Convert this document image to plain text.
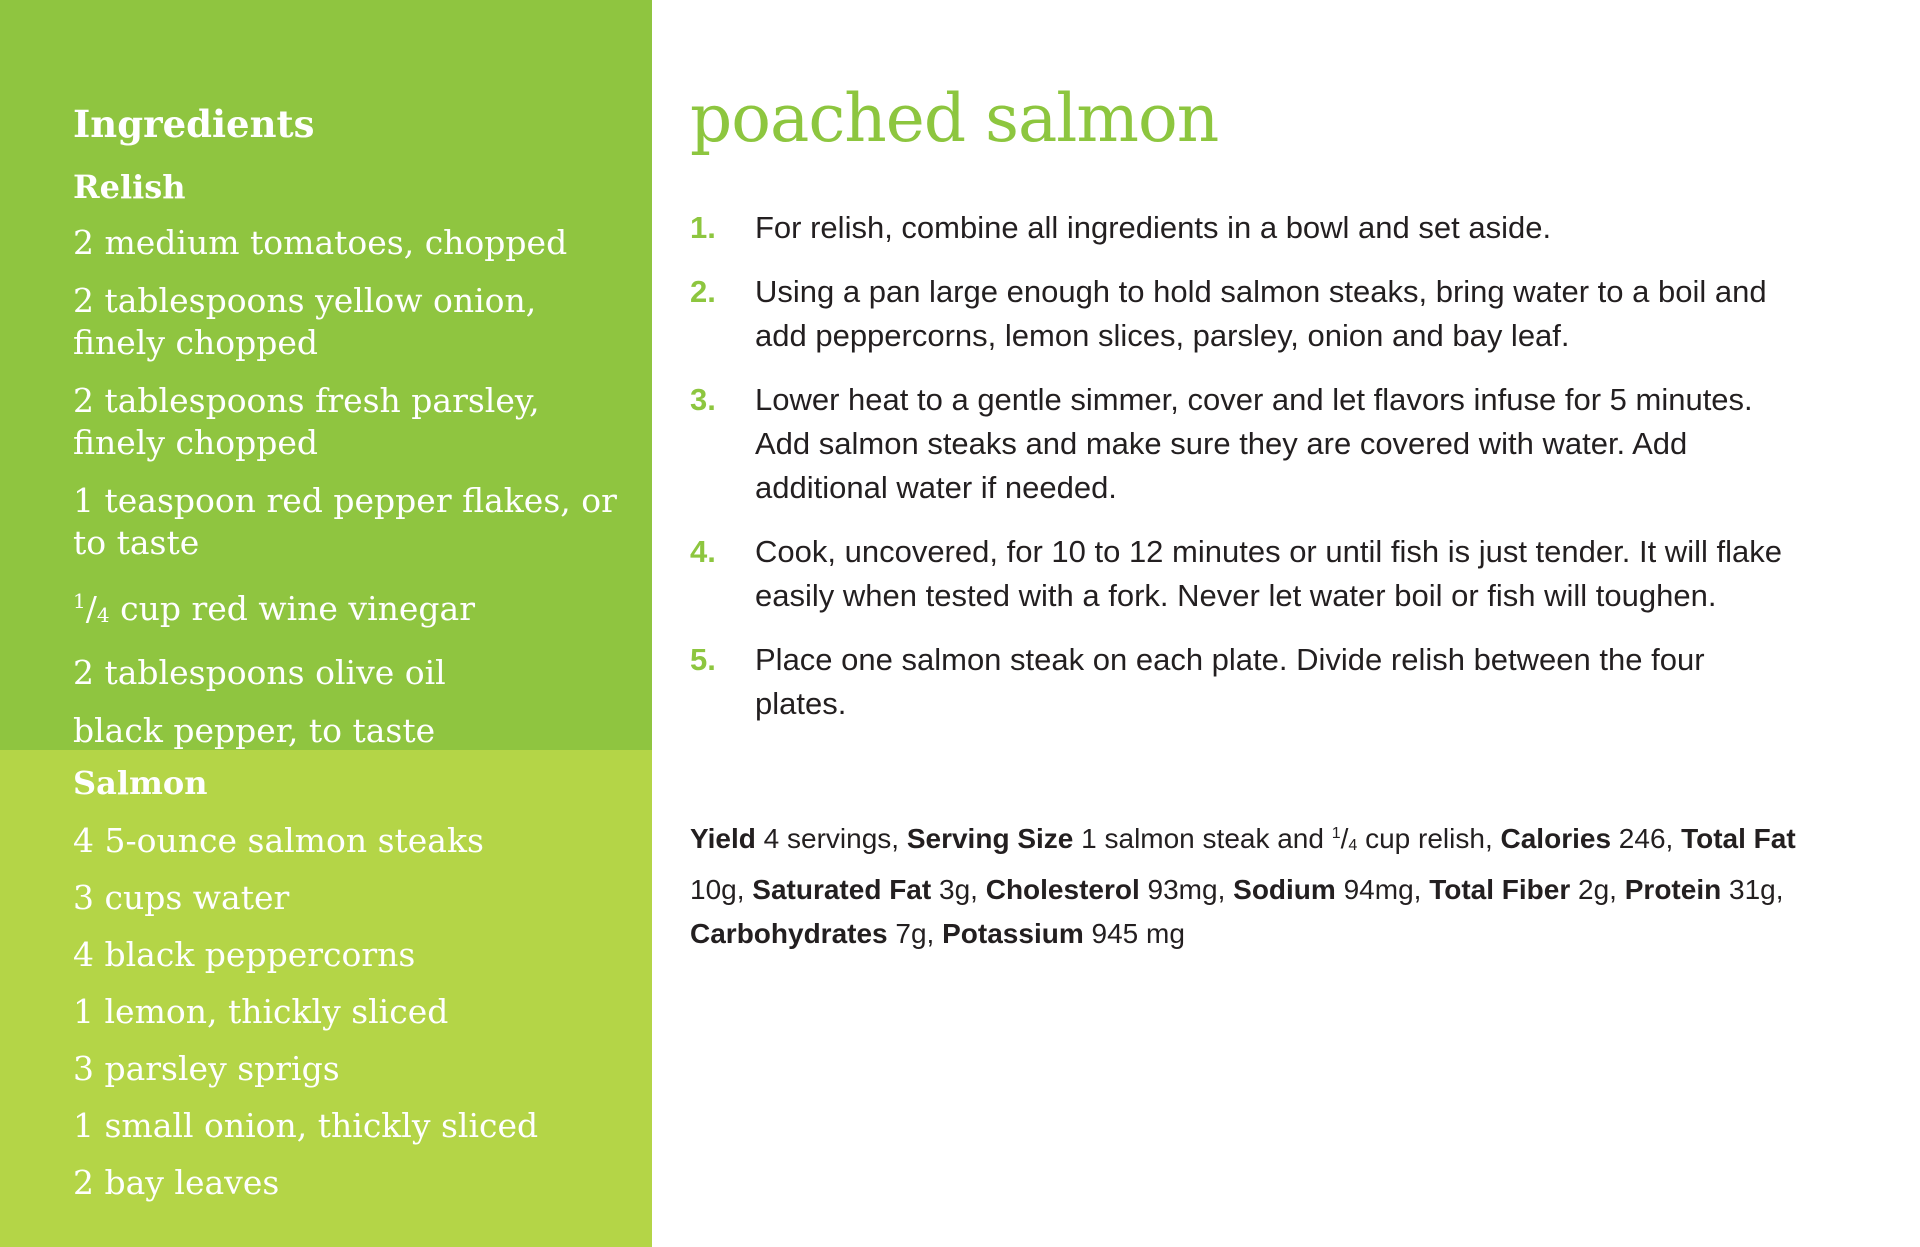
Ingredients
Relish
2 medium tomatoes, chopped
2 tablespoons yellow onion, finely chopped
2 tablespoons fresh parsley, finely chopped
1 teaspoon red pepper flakes, or to taste
$^1/_4$ cup red wine vinegar
2 tablespoons olive oil
black pepper, to taste
Salmon
4 5-ounce salmon steaks
3 cups water
4 black peppercorns
1 lemon, thickly sliced
3 parsley sprigs
1 small onion, thickly sliced
2 bay leaves
poached salmon
1. For relish, combine all ingredients in a bowl and set aside.
2. Using a pan large enough to hold salmon steaks, bring water to a boil and add peppercorns, lemon slices, parsley, onion and bay leaf.
3. Lower heat to a gentle simmer, cover and let flavors infuse for 5 minutes. Add salmon steaks and make sure they are covered with water. Add additional water if needed.
4. Cook, uncovered, for 10 to 12 minutes or until fish is just tender. It will flake easily when tested with a fork. Never let water boil or fish will toughen.
5. Place one salmon steak on each plate. Divide relish between the four plates.

Yield 4 servings, Serving Size 1 salmon steak and $^1/_4$ cup relish, Calories 246, Total Fat 10g, Saturated Fat 3g, Cholesterol 93mg, Sodium 94mg, Total Fiber 2g, Protein 31g, Carbohydrates 7g, Potassium 945 mg
